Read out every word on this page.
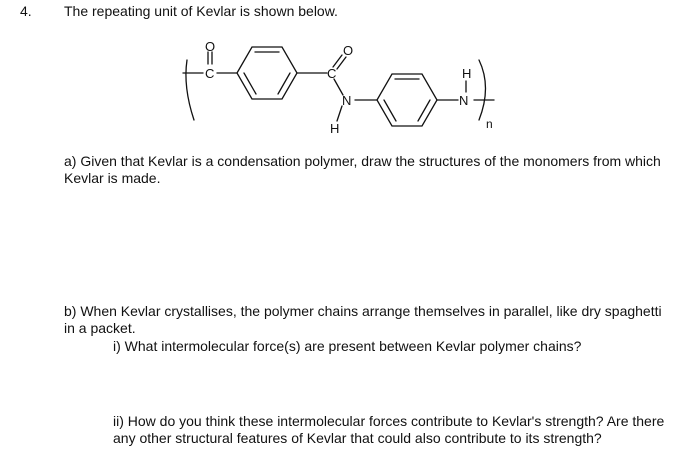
4. The repeating unit of Kevlar is shown below.

O
C
O
C
N
H
H
N
n

a) Given that Kevlar is a condensation polymer, draw the structures of the monomers from which Kevlar is made.

b) When Kevlar crystallises, the polymer chains arrange themselves in parallel, like dry spaghetti in a packet.

i) What intermolecular force(s) are present between Kevlar polymer chains?

ii) How do you think these intermolecular forces contribute to Kevlar's strength? Are there any other structural features of Kevlar that could also contribute to its strength?
